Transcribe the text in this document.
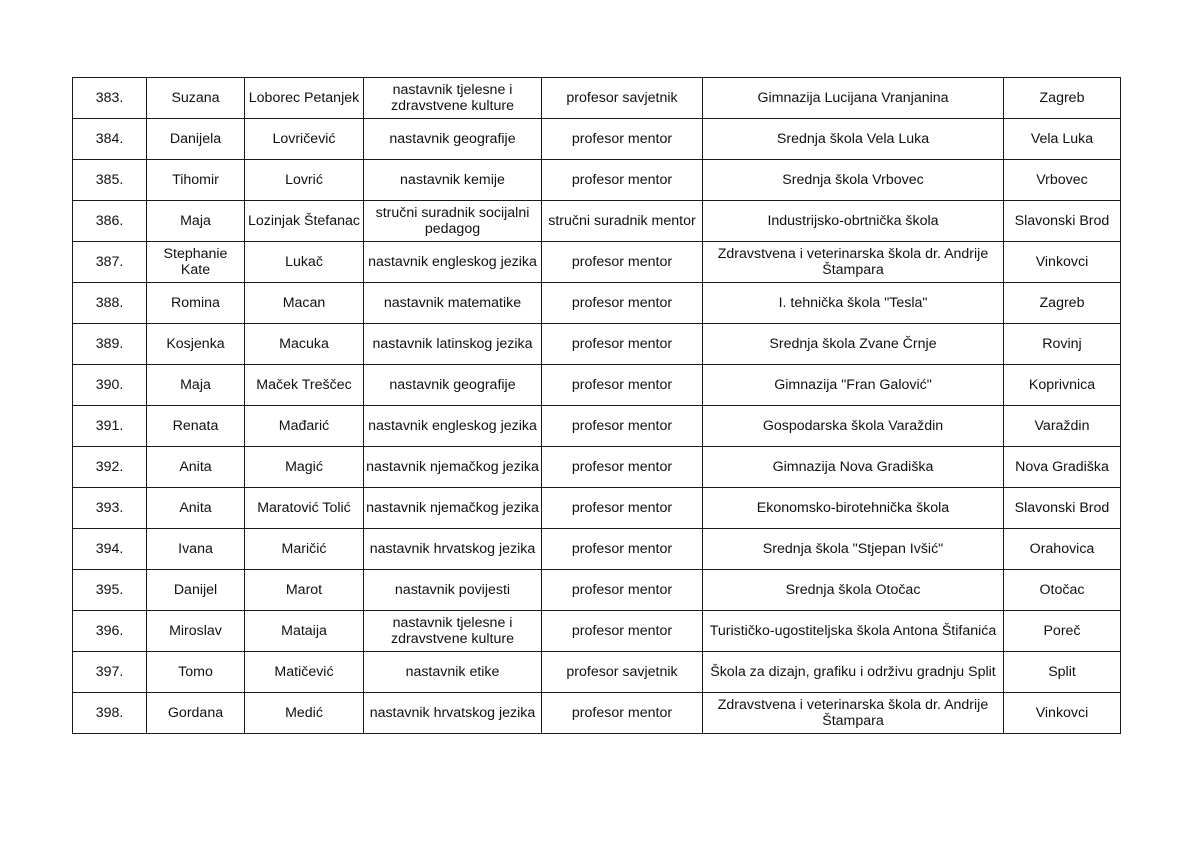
383.	Suzana	Loborec Petanjek	nastavnik tjelesne i zdravstvene kulture	profesor savjetnik	Gimnazija Lucijana Vranjanina	Zagreb
384.	Danijela	Lovričević	nastavnik geografije	profesor mentor	Srednja škola Vela Luka	Vela Luka
385.	Tihomir	Lovrić	nastavnik kemije	profesor mentor	Srednja škola Vrbovec	Vrbovec
386.	Maja	Lozinjak Štefanac	stručni suradnik socijalni pedagog	stručni suradnik mentor	Industrijsko-obrtnička škola	Slavonski Brod
387.	Stephanie Kate	Lukač	nastavnik engleskog jezika	profesor mentor	Zdravstvena i veterinarska škola dr. Andrije Štampara	Vinkovci
388.	Romina	Macan	nastavnik matematike	profesor mentor	I. tehnička škola "Tesla"	Zagreb
389.	Kosjenka	Macuka	nastavnik latinskog jezika	profesor mentor	Srednja škola Zvane Črnje	Rovinj
390.	Maja	Maček Treščec	nastavnik geografije	profesor mentor	Gimnazija "Fran Galović"	Koprivnica
391.	Renata	Mađarić	nastavnik engleskog jezika	profesor mentor	Gospodarska škola Varaždin	Varaždin
392.	Anita	Magić	nastavnik njemačkog jezika	profesor mentor	Gimnazija Nova Gradiška	Nova Gradiška
393.	Anita	Maratović Tolić	nastavnik njemačkog jezika	profesor mentor	Ekonomsko-birotehnička škola	Slavonski Brod
394.	Ivana	Maričić	nastavnik hrvatskog jezika	profesor mentor	Srednja škola "Stjepan Ivšić"	Orahovica
395.	Danijel	Marot	nastavnik povijesti	profesor mentor	Srednja škola Otočac	Otočac
396.	Miroslav	Mataija	nastavnik tjelesne i zdravstvene kulture	profesor mentor	Turističko-ugostiteljska škola Antona Štifanića	Poreč
397.	Tomo	Matičević	nastavnik etike	profesor savjetnik	Škola za dizajn, grafiku i održivu gradnju Split	Split
398.	Gordana	Medić	nastavnik hrvatskog jezika	profesor mentor	Zdravstvena i veterinarska škola dr. Andrije Štampara	Vinkovci
